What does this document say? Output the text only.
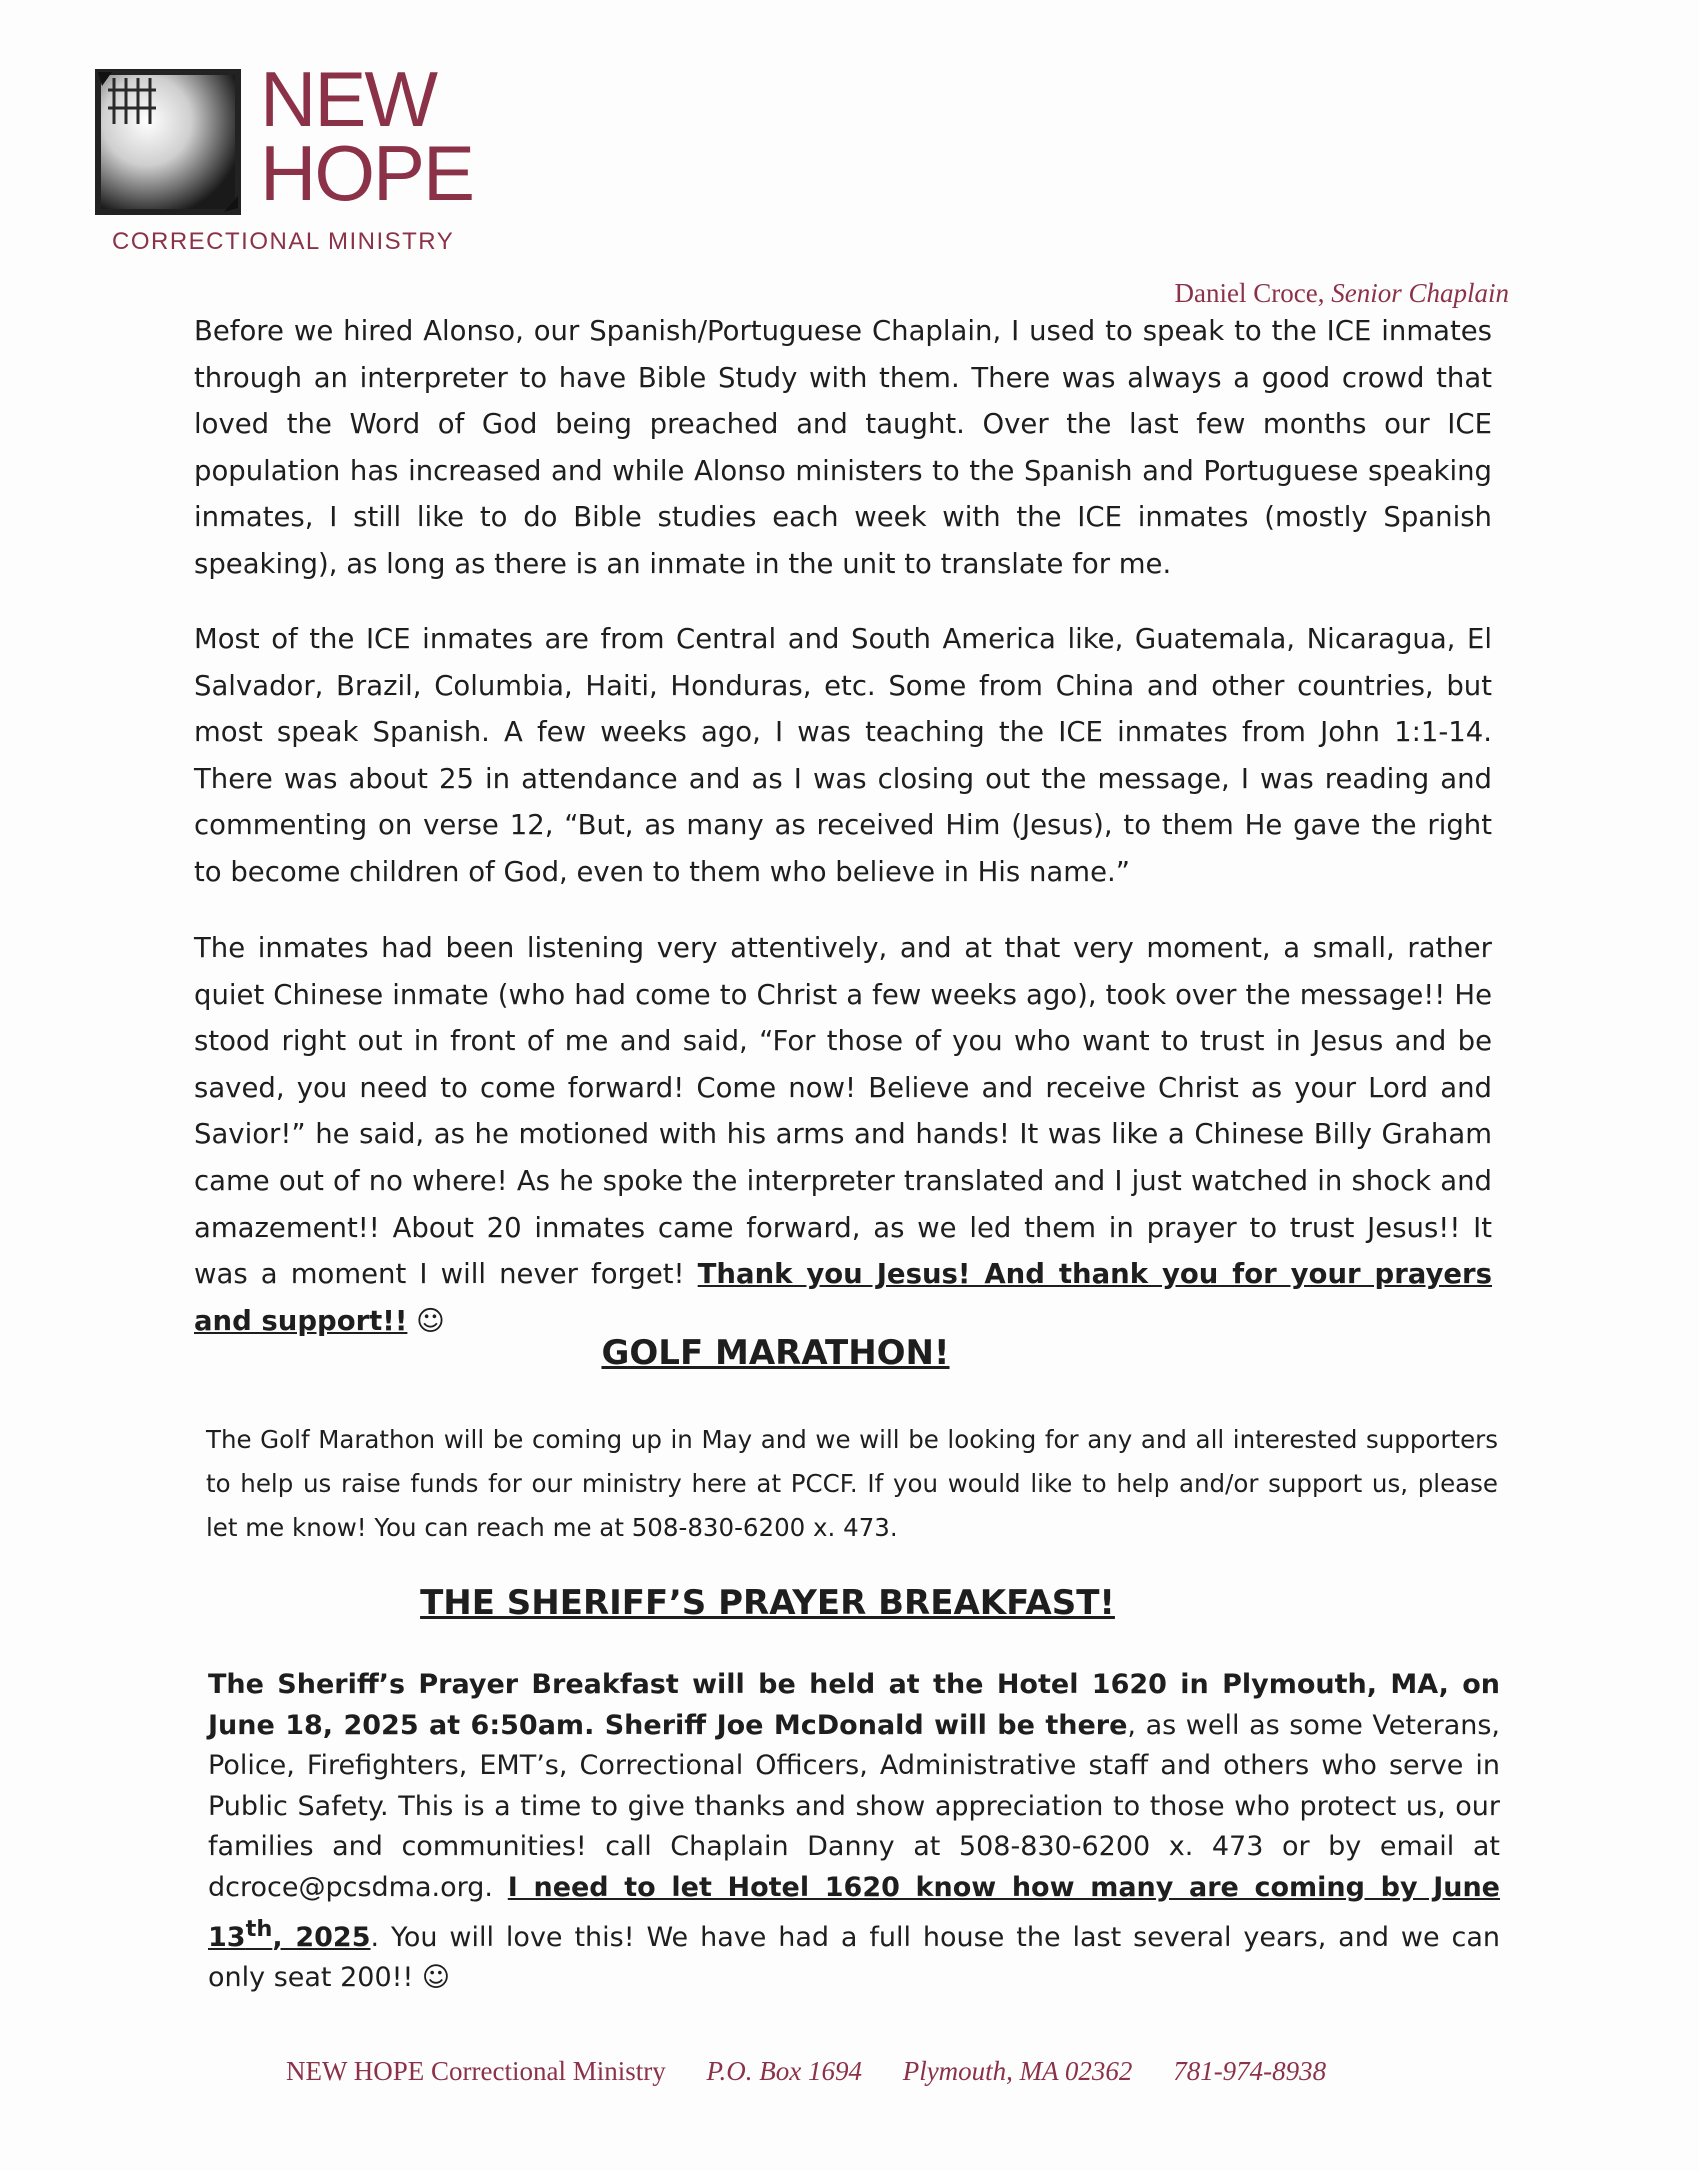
NEW
HOPE
CORRECTIONAL MINISTRY
Daniel Croce, Senior Chaplain

Before we hired Alonso, our Spanish/Portuguese Chaplain, I used to speak to the ICE inmates through an interpreter to have Bible Study with them. There was always a good crowd that loved the Word of God being preached and taught. Over the last few months our ICE population has increased and while Alonso ministers to the Spanish and Portuguese speaking inmates, I still like to do Bible studies each week with the ICE inmates (mostly Spanish speaking), as long as there is an inmate in the unit to translate for me.

Most of the ICE inmates are from Central and South America like, Guatemala, Nicaragua, El Salvador, Brazil, Columbia, Haiti, Honduras, etc. Some from China and other countries, but most speak Spanish. A few weeks ago, I was teaching the ICE inmates from John 1:1-14. There was about 25 in attendance and as I was closing out the message, I was reading and commenting on verse 12, “But, as many as received Him (Jesus), to them He gave the right to become children of God, even to them who believe in His name.”

The inmates had been listening very attentively, and at that very moment, a small, rather quiet Chinese inmate (who had come to Christ a few weeks ago), took over the message!! He stood right out in front of me and said, “For those of you who want to trust in Jesus and be saved, you need to come forward! Come now! Believe and receive Christ as your Lord and Savior!” he said, as he motioned with his arms and hands! It was like a Chinese Billy Graham came out of no where! As he spoke the interpreter translated and I just watched in shock and amazement!! About 20 inmates came forward, as we led them in prayer to trust Jesus!! It was a moment I will never forget! Thank you Jesus! And thank you for your prayers and support!! ☺

GOLF MARATHON!

The Golf Marathon will be coming up in May and we will be looking for any and all interested supporters to help us raise funds for our ministry here at PCCF. If you would like to help and/or support us, please let me know! You can reach me at 508-830-6200 x. 473.

THE SHERIFF’S PRAYER BREAKFAST!

The Sheriff’s Prayer Breakfast will be held at the Hotel 1620 in Plymouth, MA, on June 18, 2025 at 6:50am. Sheriff Joe McDonald will be there, as well as some Veterans, Police, Firefighters, EMT’s, Correctional Officers, Administrative staff and others who serve in Public Safety. This is a time to give thanks and show appreciation to those who protect us, our families and communities! call Chaplain Danny at 508-830-6200 x. 473 or by email at dcroce@pcsdma.org. I need to let Hotel 1620 know how many are coming by June 13th, 2025. You will love this! We have had a full house the last several years, and we can only seat 200!! ☺

NEW HOPE Correctional Ministry P.O. Box 1694 Plymouth, MA 02362 781-974-8938
